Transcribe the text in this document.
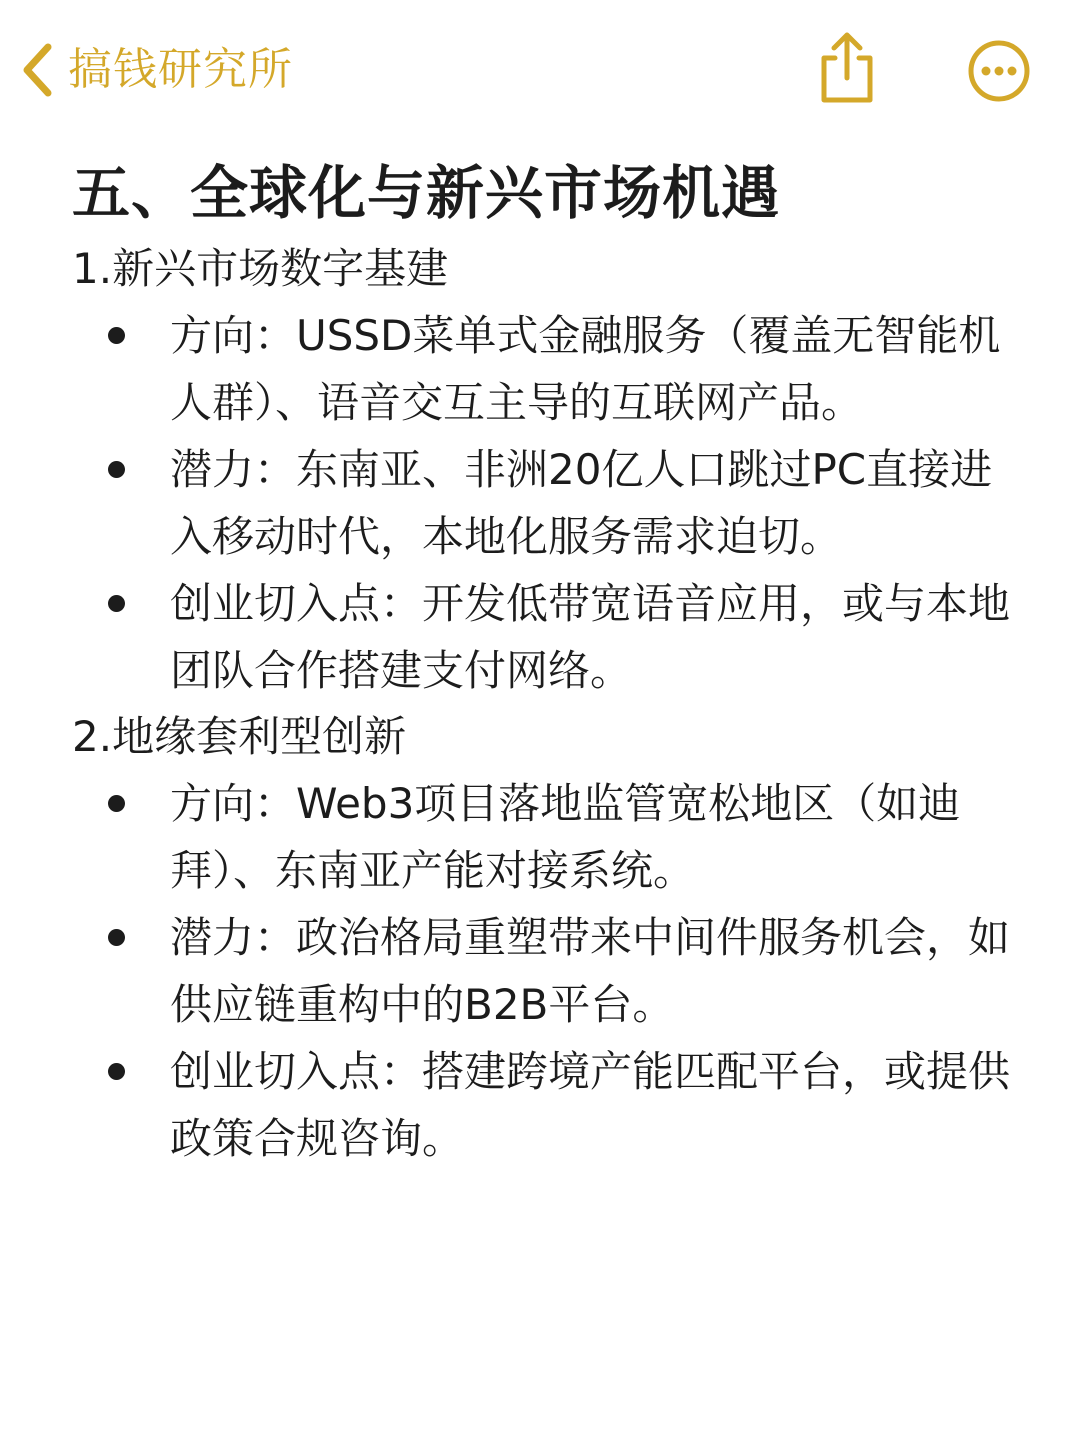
搞钱研究所
五、全球化与新兴市场机遇
1.新兴市场数字基建
方向：USSD菜单式金融服务（覆盖无智能机人群）、语音交互主导的互联网产品。
潜力：东南亚、非洲20亿人口跳过PC直接进入移动时代，本地化服务需求迫切。
创业切入点：开发低带宽语音应用，或与本地团队合作搭建支付网络。
2.地缘套利型创新
方向：Web3项目落地监管宽松地区（如迪拜）、东南亚产能对接系统。
潜力：政治格局重塑带来中间件服务机会，如供应链重构中的B2B平台。
创业切入点：搭建跨境产能匹配平台，或提供政策合规咨询。
